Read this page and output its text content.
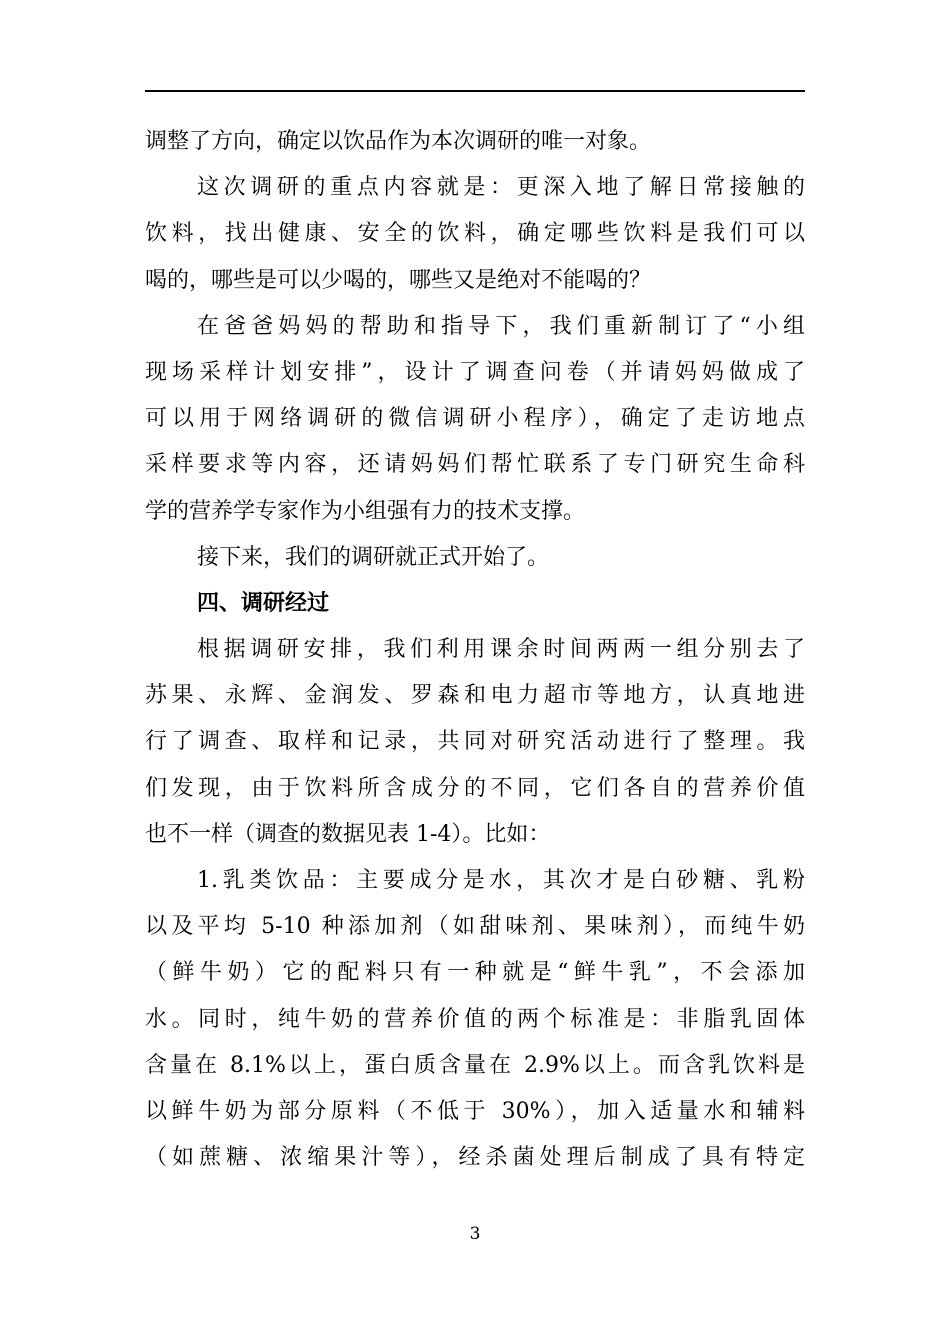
调整了方向，确定以饮品作为本次调研的唯一对象。
这次调研的重点内容就是：更深入地了解日常接触的
饮料，找出健康、安全的饮料，确定哪些饮料是我们可以
喝的，哪些是可以少喝的，哪些又是绝对不能喝的？
在爸爸妈妈的帮助和指导下，我们重新制订了“小组
现场采样计划安排”，设计了调查问卷（并请妈妈做成了
可以用于网络调研的微信调研小程序），确定了走访地点
采样要求等内容，还请妈妈们帮忙联系了专门研究生命科
学的营养学专家作为小组强有力的技术支撑。
接下来，我们的调研就正式开始了。
四、调研经过
根据调研安排，我们利用课余时间两两一组分别去了
苏果、永辉、金润发、罗森和电力超市等地方，认真地进
行了调查、取样和记录，共同对研究活动进行了整理。我
们发现，由于饮料所含成分的不同，它们各自的营养价值
也不一样（调查的数据见表 1-4）。比如：
1.乳类饮品：主要成分是水，其次才是白砂糖、乳粉
以及平均 5-10 种添加剂（如甜味剂、果味剂），而纯牛奶
（鲜牛奶）它的配料只有一种就是“鲜牛乳”，不会添加
水。同时，纯牛奶的营养价值的两个标准是：非脂乳固体
含量在 8.1%以上，蛋白质含量在 2.9%以上。而含乳饮料是
以鲜牛奶为部分原料（不低于 30%），加入适量水和辅料
（如蔗糖、浓缩果汁等），经杀菌处理后制成了具有特定
3
